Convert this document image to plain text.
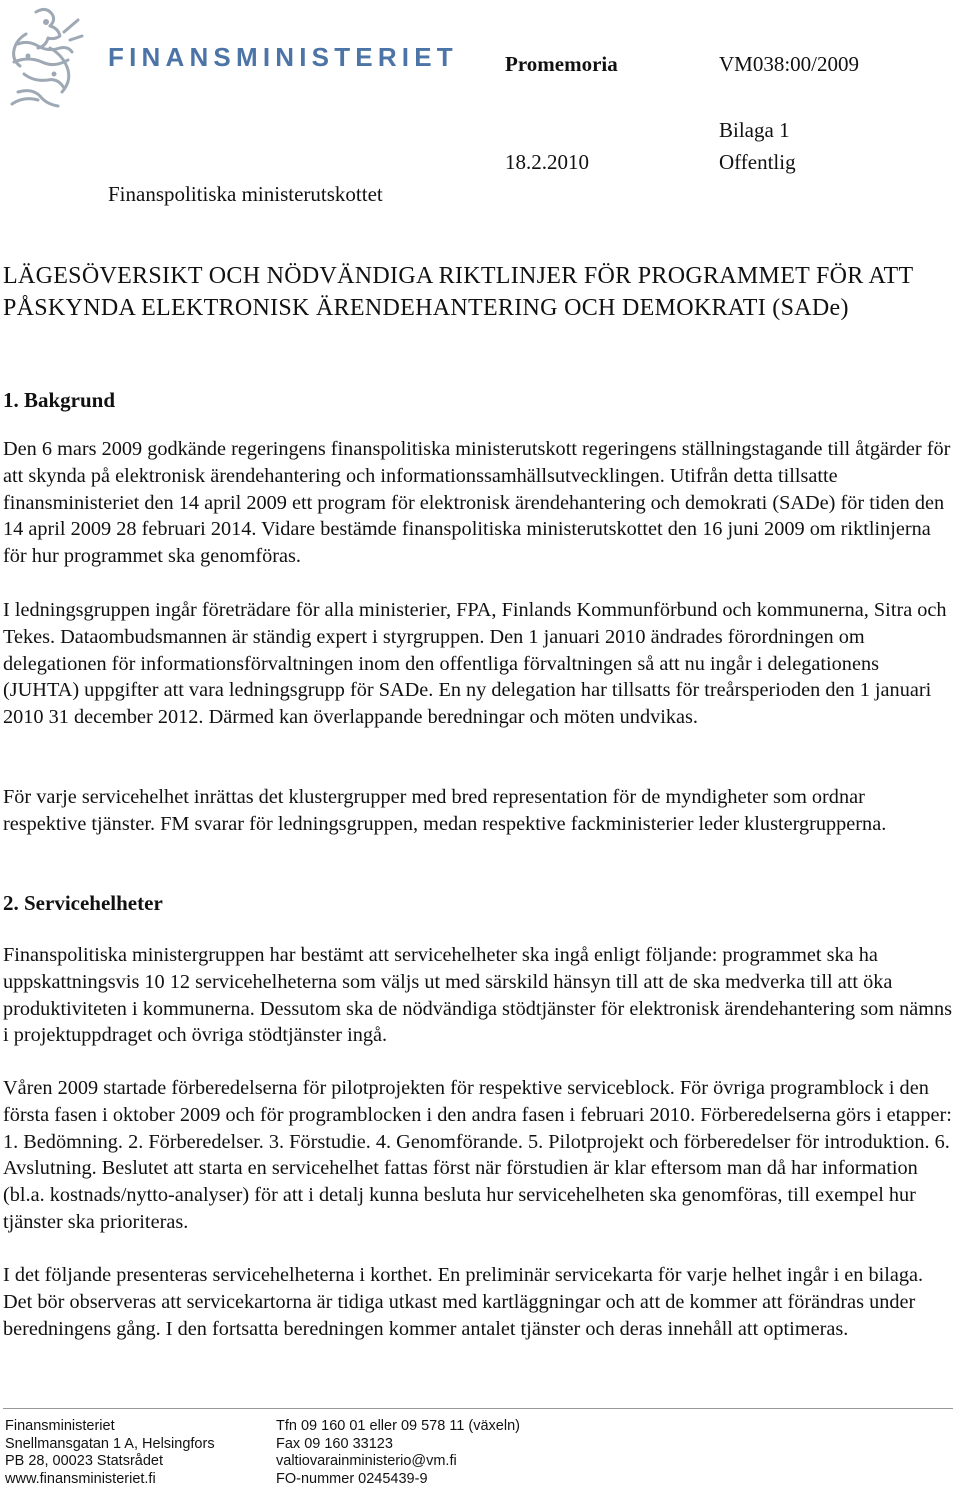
FINANSMINISTERIET Promemoria	VM038:00/2009
Bilaga 1
18.2.2010	Offentlig
Finanspolitiska ministerutskottet
LÄGESÖVERSIKT OCH NÖDVÄNDIGA RIKTLINJER FÖR PROGRAMMET FÖR ATT PÅSKYNDA ELEKTRONISK ÄRENDEHANTERING OCH DEMOKRATI (SADe)
1. Bakgrund
Den 6 mars 2009 godkände regeringens finanspolitiska ministerutskott regeringens ställningstagande till åtgärder för att skynda på elektronisk ärendehantering och informationssamhällsutvecklingen. Utifrån detta tillsatte finansministeriet den 14 april 2009 ett program för elektronisk ärendehantering och demokrati (SADe) för tiden den 14 april 2009 28 februari 2014. Vidare bestämde finanspolitiska ministerutskottet den 16 juni 2009 om riktlinjerna för hur programmet ska genomföras.
I ledningsgruppen ingår företrädare för alla ministerier, FPA, Finlands Kommunförbund och kommunerna, Sitra och Tekes. Dataombudsmannen är ständig expert i styrgruppen. Den 1 januari 2010 ändrades förordningen om delegationen för informationsförvaltningen inom den offentliga förvaltningen så att nu ingår i delegationens (JUHTA) uppgifter att vara ledningsgrupp för SADe. En ny delegation har tillsatts för treårsperioden den 1 januari 2010 31 december 2012. Därmed kan överlappande beredningar och möten undvikas.
För varje servicehelhet inrättas det klustergrupper med bred representation för de myndigheter som ordnar respektive tjänster. FM svarar för ledningsgruppen, medan respektive fackministerier leder klustergrupperna.
2. Servicehelheter
Finanspolitiska ministergruppen har bestämt att servicehelheter ska ingå enligt följande: programmet ska ha uppskattningsvis 10 12 servicehelheterna som väljs ut med särskild hänsyn till att de ska medverka till att öka produktiviteten i kommunerna. Dessutom ska de nödvändiga stödtjänster för elektronisk ärendehantering som nämns i projektuppdraget och övriga stödtjänster ingå.
Våren 2009 startade förberedelserna för pilotprojekten för respektive serviceblock. För övriga programblock i den första fasen i oktober 2009 och för programblocken i den andra fasen i februari 2010. Förberedelserna görs i etapper: 1. Bedömning. 2. Förberedelser. 3. Förstudie. 4. Genomförande. 5. Pilotprojekt och förberedelser för introduktion. 6. Avslutning. Beslutet att starta en servicehelhet fattas först när förstudien är klar eftersom man då har information (bl.a. kostnads/nytto-analyser) för att i detalj kunna besluta hur servicehelheten ska genomföras, till exempel hur tjänster ska prioriteras.
I det följande presenteras servicehelheterna i korthet. En preliminär servicekarta för varje helhet ingår i en bilaga. Det bör observeras att servicekartorna är tidiga utkast med kartläggningar och att de kommer att förändras under beredningens gång. I den fortsatta beredningen kommer antalet tjänster och deras innehåll att optimeras.
Finansministeriet
Snellmansgatan 1 A, Helsingfors
PB 28, 00023 Statsrådet
www.finansministeriet.fi
Tfn 09 160 01 eller 09 578 11 (växeln)
Fax 09 160 33123
valtiovarainministerio@vm.fi
FO-nummer 0245439-9
